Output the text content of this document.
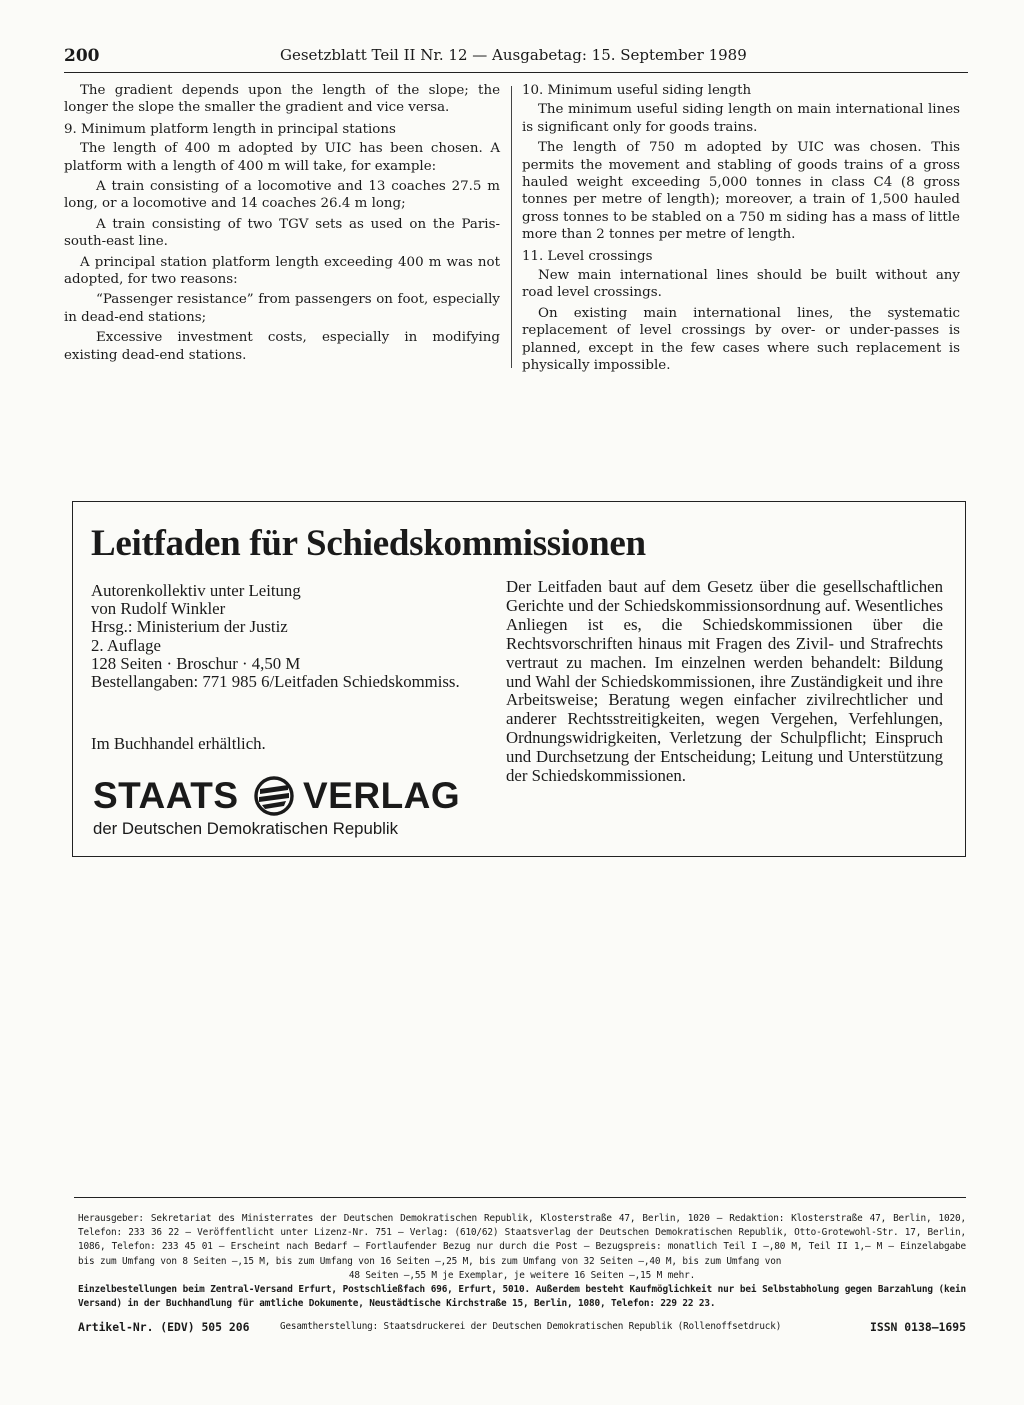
200	Gesetzblatt Teil II Nr. 12 — Ausgabetag: 15. September 1989

The gradient depends upon the length of the slope; the longer the slope the smaller the gradient and vice versa.

9. Minimum platform length in principal stations

The length of 400 m adopted by UIC has been chosen. A platform with a length of 400 m will take, for example:

A train consisting of a locomotive and 13 coaches 27.5 m long, or a locomotive and 14 coaches 26.4 m long;

A train consisting of two TGV sets as used on the Paris-south-east line.

A principal station platform length exceeding 400 m was not adopted, for two reasons:

“Passenger resistance” from passengers on foot, especially in dead-end stations;

Excessive investment costs, especially in modifying existing dead-end stations.

10. Minimum useful siding length

The minimum useful siding length on main international lines is significant only for goods trains.

The length of 750 m adopted by UIC was chosen. This permits the movement and stabling of goods trains of a gross hauled weight exceeding 5,000 tonnes in class C4 (8 gross tonnes per metre of length); moreover, a train of 1,500 hauled gross tonnes to be stabled on a 750 m siding has a mass of little more than 2 tonnes per metre of length.

11. Level crossings

New main international lines should be built without any road level crossings.

On existing main international lines, the systematic replacement of level crossings by over- or under-passes is planned, except in the few cases where such replacement is physically impossible.

Leitfaden für Schiedskommissionen
Autorenkollektiv unter Leitung
von Rudolf Winkler
Hrsg.: Ministerium der Justiz
2. Auflage
128 Seiten · Broschur · 4,50 M
Bestellangaben: 771 985 6/Leitfaden Schiedskommiss.
Im Buchhandel erhältlich.
Der Leitfaden baut auf dem Gesetz über die gesellschaftlichen Gerichte und der Schiedskommissionsordnung auf. Wesentliches Anliegen ist es, die Schiedskommissionen über die Rechtsvorschriften hinaus mit Fragen des Zivil- und Strafrechts vertraut zu machen. Im einzelnen werden behandelt: Bildung und Wahl der Schiedskommissionen, ihre Zuständigkeit und ihre Arbeitsweise; Beratung wegen einfacher zivilrechtlicher und anderer Rechtsstreitigkeiten, wegen Vergehen, Verfehlungen, Ordnungswidrigkeiten, Verletzung der Schulpflicht; Einspruch und Durchsetzung der Entscheidung; Leitung und Unterstützung der Schiedskommissionen.
STAATS VERLAG
der Deutschen Demokratischen Republik

Herausgeber: Sekretariat des Ministerrates der Deutschen Demokratischen Republik, Klosterstraße 47, Berlin, 1020 – Redaktion: Klosterstraße 47, Berlin, 1020, Telefon: 233 36 22 – Veröffentlicht unter Lizenz-Nr. 751 – Verlag: (610/62) Staatsverlag der Deutschen Demokratischen Republik, Otto-Grotewohl-Str. 17, Berlin, 1086, Telefon: 233 45 01 – Erscheint nach Bedarf – Fortlaufender Bezug nur durch die Post – Bezugspreis: monatlich Teil I –,80 M, Teil II 1,– M – Einzelabgabe bis zum Umfang von 8 Seiten –,15 M, bis zum Umfang von 16 Seiten –,25 M, bis zum Umfang von 32 Seiten –,40 M, bis zum Umfang von

48 Seiten –,55 M je Exemplar, je weitere 16 Seiten –,15 M mehr.

Einzelbestellungen beim Zentral-Versand Erfurt, Postschließfach 696, Erfurt, 5010. Außerdem besteht Kaufmöglichkeit nur bei Selbstabholung gegen Barzahlung (kein Versand) in der Buchhandlung für amtliche Dokumente, Neustädtische Kirchstraße 15, Berlin, 1080, Telefon: 229 22 23.

Artikel-Nr. (EDV) 505 206	Gesamtherstellung: Staatsdruckerei der Deutschen Demokratischen Republik (Rollenoffsetdruck)	ISSN 0138–1695
